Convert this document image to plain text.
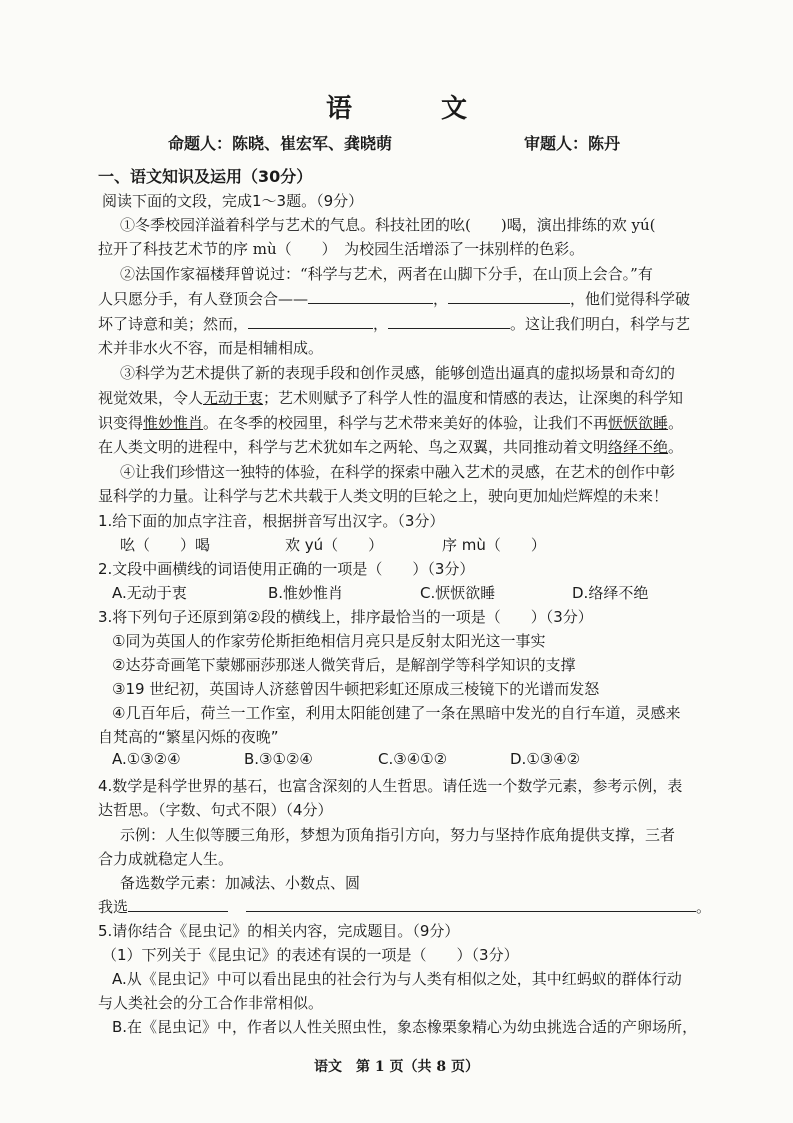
语 文
命题人：陈晓、崔宏军、龚晓萌	审题人：陈丹
一、语文知识及运用（30分）
阅读下面的文段，完成1～3题。（9分）
①冬季校园洋溢着科学与艺术的气息。科技社团的吆(　　)喝，演出排练的欢 yú(
拉开了科技艺术节的序 mù（　　）　为校园生活增添了一抹别样的色彩。
②法国作家福楼拜曾说过：“科学与艺术，两者在山脚下分手，在山顶上会合。”有
人只愿分手，有人登顶会合——	，	，他们觉得科学破
坏了诗意和美；然而，	，	。这让我们明白，科学与艺
术并非水火不容，而是相辅相成。
③科学为艺术提供了新的表现手段和创作灵感，能够创造出逼真的虚拟场景和奇幻的
视觉效果，令人无动于衷；艺术则赋予了科学人性的温度和情感的表达，让深奥的科学知
识变得惟妙惟肖。在冬季的校园里，科学与艺术带来美好的体验，让我们不再恹恹欲睡。
在人类文明的进程中，科学与艺术犹如车之两轮、鸟之双翼，共同推动着文明络绎不绝。
④让我们珍惜这一独特的体验，在科学的探索中融入艺术的灵感，在艺术的创作中彰
显科学的力量。让科学与艺术共载于人类文明的巨轮之上，驶向更加灿烂辉煌的未来！
1.给下面的加点字注音，根据拼音写出汉字。（3分）
吆（　　）喝	欢 yú（　　）	序 mù（　　）
2.文段中画横线的词语使用正确的一项是（　　）（3分）
A.无动于衷	B.惟妙惟肖	C.恹恹欲睡	D.络绎不绝
3.将下列句子还原到第②段的横线上，排序最恰当的一项是（　　）（3分）
①同为英国人的作家劳伦斯拒绝相信月亮只是反射太阳光这一事实
②达芬奇画笔下蒙娜丽莎那迷人微笑背后，是解剖学等科学知识的支撑
③19 世纪初，英国诗人济慈曾因牛顿把彩虹还原成三棱镜下的光谱而发怒
④几百年后，荷兰一工作室，利用太阳能创建了一条在黑暗中发光的自行车道，灵感来
自梵高的“繁星闪烁的夜晚”
A.①③②④	B.③①②④	C.③④①②	D.①③④②
4.数学是科学世界的基石，也富含深刻的人生哲思。请任选一个数学元素，参考示例，表
达哲思。（字数、句式不限）（4分）
示例：人生似等腰三角形，梦想为顶角指引方向，努力与坚持作底角提供支撑，三者
合力成就稳定人生。
备选数学元素：加减法、小数点、圆
我选	。
5.请你结合《昆虫记》的相关内容，完成题目。（9分）
（1）下列关于《昆虫记》的表述有误的一项是（　　）（3分）
A.从《昆虫记》中可以看出昆虫的社会行为与人类有相似之处，其中红蚂蚁的群体行动
与人类社会的分工合作非常相似。
B.在《昆虫记》中，作者以人性关照虫性，象态橡栗象精心为幼虫挑选合适的产卵场所，
语文　第 1 页（共 8 页）
